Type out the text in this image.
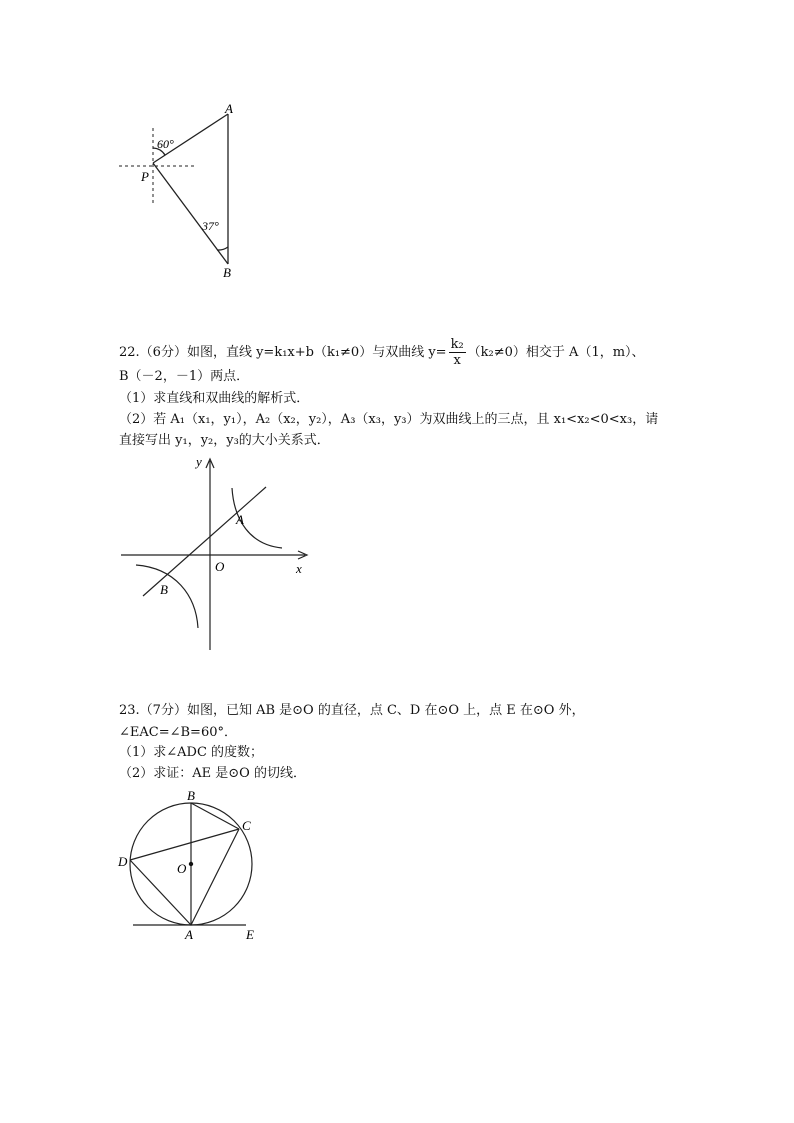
A
P
B
60°
37°
22.（6分）如图，直线 y=k₁x+b（k₁≠0）与双曲线 $y= \frac{\text{k₂}}{x} (k_2\ne 0)$相交于 A（1，m）、
B（－2，－1）两点．
（1）求直线和双曲线的解析式．
（2）若 A₁（x₁，y₁），A₂（x₂，y₂），A₃（x₃，y₃）为双曲线上的三点，且 x₁<x₂<0<x₃，请
直接写出 y₁，y₂，y₃的大小关系式．
y
x
O
A
B
23.（7分）如图，已知 AB 是⊙O 的直径，点 C、D 在⊙O 上，点 E 在⊙O 外，
∠EAC=∠B=60°．
（1）求∠ADC 的度数；
（2）求证：AE 是⊙O 的切线．
B
C
D	O
A	E
